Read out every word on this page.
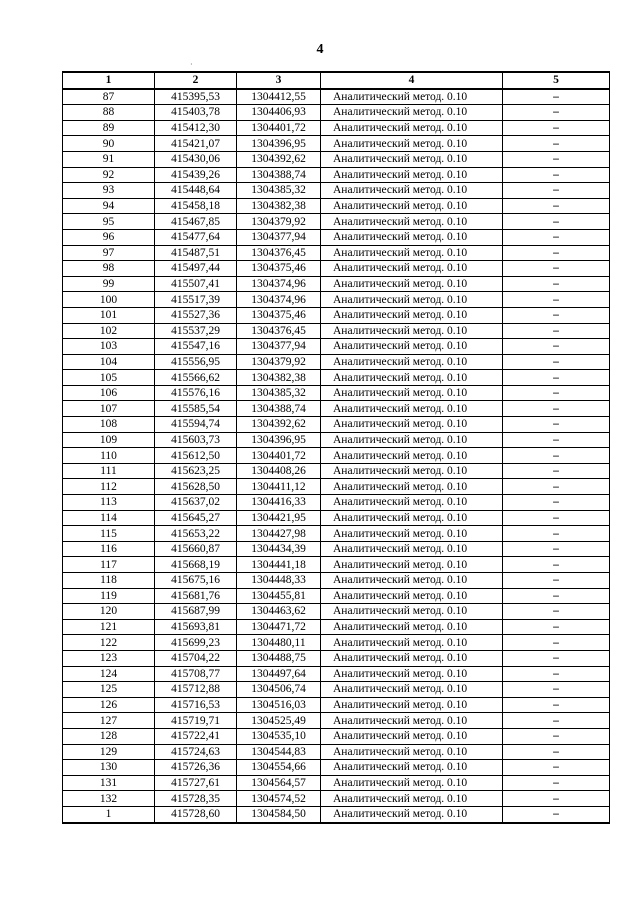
4
·
1	2	3	4	5
87	415395,53	1304412,55	Аналитический метод. 0.10	–
88	415403,78	1304406,93	Аналитический метод. 0.10	–
89	415412,30	1304401,72	Аналитический метод. 0.10	–
90	415421,07	1304396,95	Аналитический метод. 0.10	–
91	415430,06	1304392,62	Аналитический метод. 0.10	–
92	415439,26	1304388,74	Аналитический метод. 0.10	–
93	415448,64	1304385,32	Аналитический метод. 0.10	–
94	415458,18	1304382,38	Аналитический метод. 0.10	–
95	415467,85	1304379,92	Аналитический метод. 0.10	–
96	415477,64	1304377,94	Аналитический метод. 0.10	–
97	415487,51	1304376,45	Аналитический метод. 0.10	–
98	415497,44	1304375,46	Аналитический метод. 0.10	–
99	415507,41	1304374,96	Аналитический метод. 0.10	–
100	415517,39	1304374,96	Аналитический метод. 0.10	–
101	415527,36	1304375,46	Аналитический метод. 0.10	–
102	415537,29	1304376,45	Аналитический метод. 0.10	–
103	415547,16	1304377,94	Аналитический метод. 0.10	–
104	415556,95	1304379,92	Аналитический метод. 0.10	–
105	415566,62	1304382,38	Аналитический метод. 0.10	–
106	415576,16	1304385,32	Аналитический метод. 0.10	–
107	415585,54	1304388,74	Аналитический метод. 0.10	–
108	415594,74	1304392,62	Аналитический метод. 0.10	–
109	415603,73	1304396,95	Аналитический метод. 0.10	–
110	415612,50	1304401,72	Аналитический метод. 0.10	–
111	415623,25	1304408,26	Аналитический метод. 0.10	–
112	415628,50	1304411,12	Аналитический метод. 0.10	–
113	415637,02	1304416,33	Аналитический метод. 0.10	–
114	415645,27	1304421,95	Аналитический метод. 0.10	–
115	415653,22	1304427,98	Аналитический метод. 0.10	–
116	415660,87	1304434,39	Аналитический метод. 0.10	–
117	415668,19	1304441,18	Аналитический метод. 0.10	–
118	415675,16	1304448,33	Аналитический метод. 0.10	–
119	415681,76	1304455,81	Аналитический метод. 0.10	–
120	415687,99	1304463,62	Аналитический метод. 0.10	–
121	415693,81	1304471,72	Аналитический метод. 0.10	–
122	415699,23	1304480,11	Аналитический метод. 0.10	–
123	415704,22	1304488,75	Аналитический метод. 0.10	–
124	415708,77	1304497,64	Аналитический метод. 0.10	–
125	415712,88	1304506,74	Аналитический метод. 0.10	–
126	415716,53	1304516,03	Аналитический метод. 0.10	–
127	415719,71	1304525,49	Аналитический метод. 0.10	–
128	415722,41	1304535,10	Аналитический метод. 0.10	–
129	415724,63	1304544,83	Аналитический метод. 0.10	–
130	415726,36	1304554,66	Аналитический метод. 0.10	–
131	415727,61	1304564,57	Аналитический метод. 0.10	–
132	415728,35	1304574,52	Аналитический метод. 0.10	–
1	415728,60	1304584,50	Аналитический метод. 0.10	–
